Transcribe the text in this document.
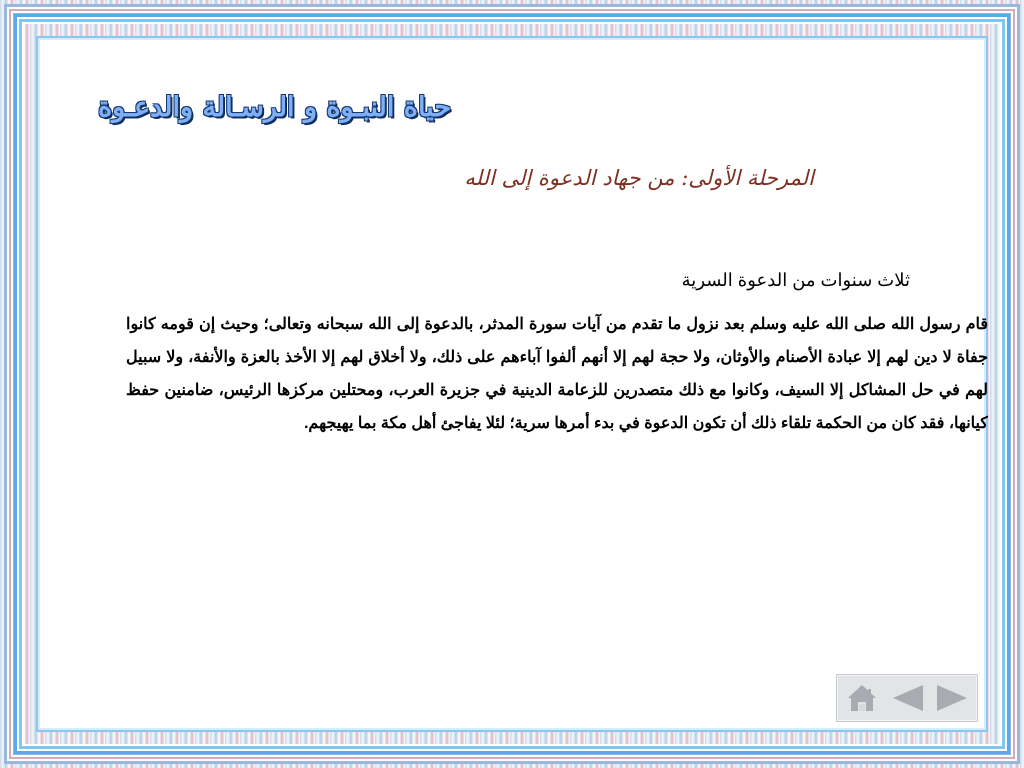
حياة النبـوة و الرسـالة والدعـوة
المرحلة الأولى: من جهاد الدعوة إلى الله
ثلاث سنوات من الدعوة السرية
قام رسول الله صلى الله عليه وسلم بعد نزول ما تقدم من آيات سورة المدثر، بالدعوة إلى الله سبحانه وتعالى؛ وحيث إن قومه كانوا جفاة لا دين لهم إلا عبادة الأصنام والأوثان، ولا حجة لهم إلا أنهم ألفوا آباءهم على ذلك، ولا أخلاق لهم إلا الأخذ بالعزة والأنفة، ولا سبيل لهم في حل المشاكل إلا السيف، وكانوا مع ذلك متصدرين للزعامة الدينية في جزيرة العرب، ومحتلين مركزها الرئيس، ضامنين حفظ كيانها، فقد كان من الحكمة تلقاء ذلك أن تكون الدعوة في بدء أمرها سرية؛ لئلا يفاجئ أهل مكة بما يهيجهم.
